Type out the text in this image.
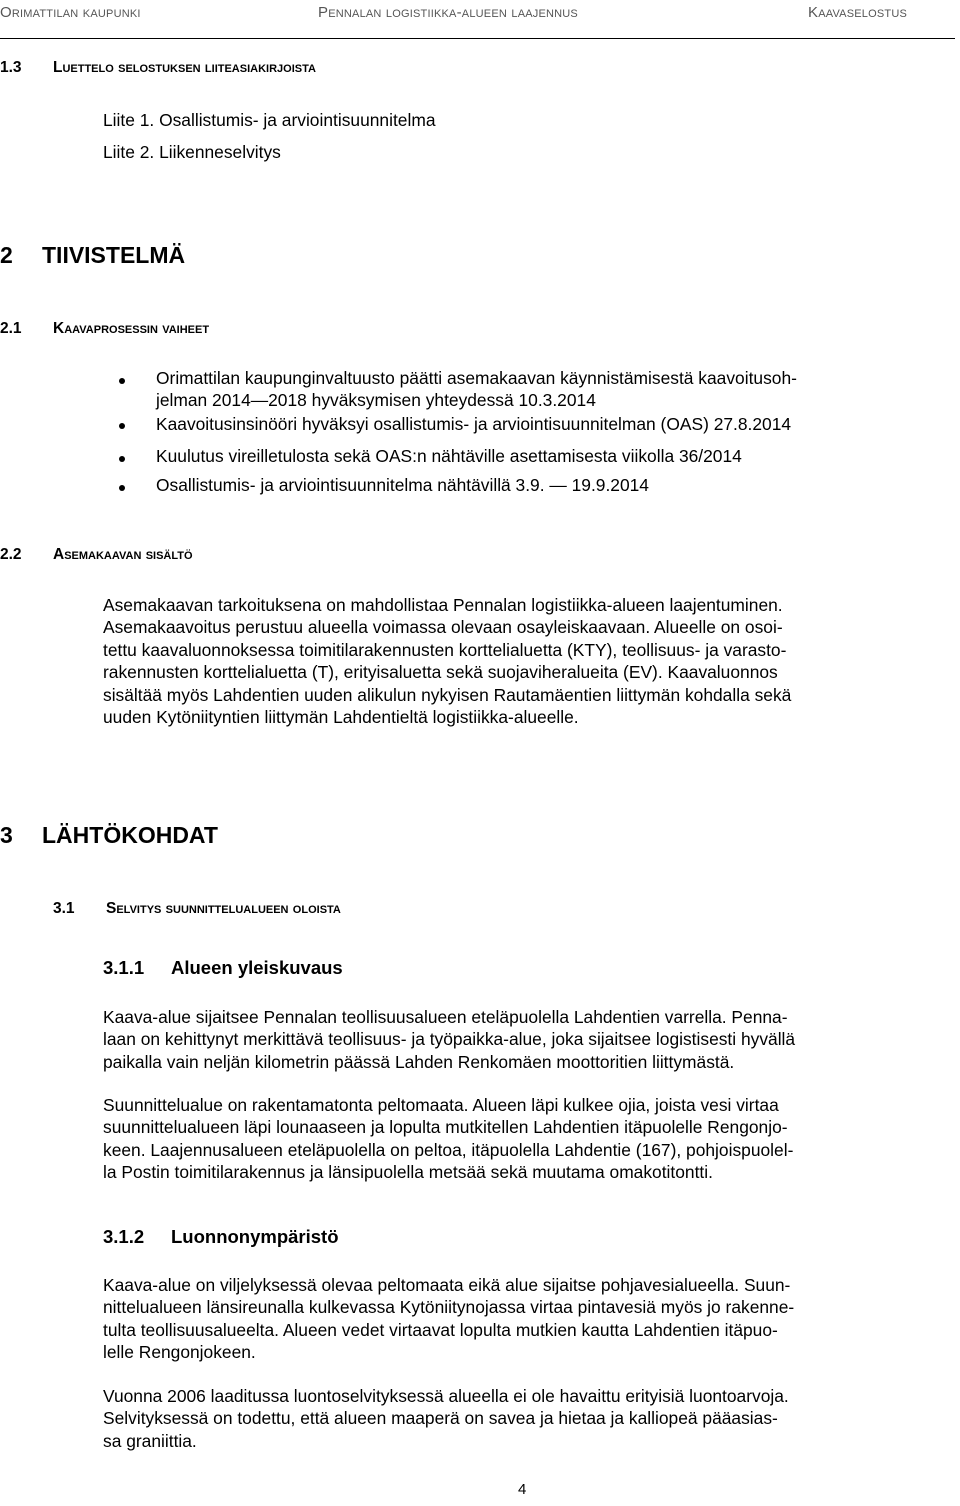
Orimattilan kaupunki	Pennalan logistiikka-alueen laajennus	Kaavaselostus
1.3 Luettelo selostuksen liiteasiakirjoista
Liite 1. Osallistumis- ja arviointisuunnitelma
Liite 2. Liikenneselvitys
2 TIIVISTELMÄ
2.1 Kaavaprosessin vaiheet
Orimattilan kaupunginvaltuusto päätti asemakaavan käynnistämisestä kaavoitusoh-
jelman 2014—2018 hyväksymisen yhteydessä 10.3.2014
Kaavoitusinsinööri hyväksyi osallistumis- ja arviointisuunnitelman (OAS) 27.8.2014
Kuulutus vireilletulosta sekä OAS:n nähtäville asettamisesta viikolla 36/2014
Osallistumis- ja arviointisuunnitelma nähtävillä 3.9. — 19.9.2014
2.2 Asemakaavan sisältö
Asemakaavan tarkoituksena on mahdollistaa Pennalan logistiikka-alueen laajentuminen.
Asemakaavoitus perustuu alueella voimassa olevaan osayleiskaavaan. Alueelle on osoi-
tettu kaavaluonnoksessa toimitilarakennusten korttelialuetta (KTY), teollisuus- ja varasto-
rakennusten korttelialuetta (T), erityisaluetta sekä suojaviheralueita (EV). Kaavaluonnos
sisältää myös Lahdentien uuden alikulun nykyisen Rautamäentien liittymän kohdalla sekä
uuden Kytöniityntien liittymän Lahdentieltä logistiikka-alueelle.
3 LÄHTÖKOHDAT
3.1 Selvitys suunnittelualueen oloista
3.1.1 Alueen yleiskuvaus
Kaava-alue sijaitsee Pennalan teollisuusalueen eteläpuolella Lahdentien varrella. Penna-
laan on kehittynyt merkittävä teollisuus- ja työpaikka-alue, joka sijaitsee logistisesti hyvällä
paikalla vain neljän kilometrin päässä Lahden Renkomäen moottoritien liittymästä.
Suunnittelualue on rakentamatonta peltomaata. Alueen läpi kulkee ojia, joista vesi virtaa
suunnittelualueen läpi lounaaseen ja lopulta mutkitellen Lahdentien itäpuolelle Rengonjo-
keen. Laajennusalueen eteläpuolella on peltoa, itäpuolella Lahdentie (167), pohjoispuolel-
la Postin toimitilarakennus ja länsipuolella metsää sekä muutama omakotitontti.
3.1.2 Luonnonympäristö
Kaava-alue on viljelyksessä olevaa peltomaata eikä alue sijaitse pohjavesialueella. Suun-
nittelualueen länsireunalla kulkevassa Kytöniitynojassa virtaa pintavesiä myös jo rakenne-
tulta teollisuusalueelta. Alueen vedet virtaavat lopulta mutkien kautta Lahdentien itäpuo-
lelle Rengonjokeen.
Vuonna 2006 laaditussa luontoselvityksessä alueella ei ole havaittu erityisiä luontoarvoja.
Selvityksessä on todettu, että alueen maaperä on savea ja hietaa ja kalliopeä pääasias-
sa graniittia.
4
